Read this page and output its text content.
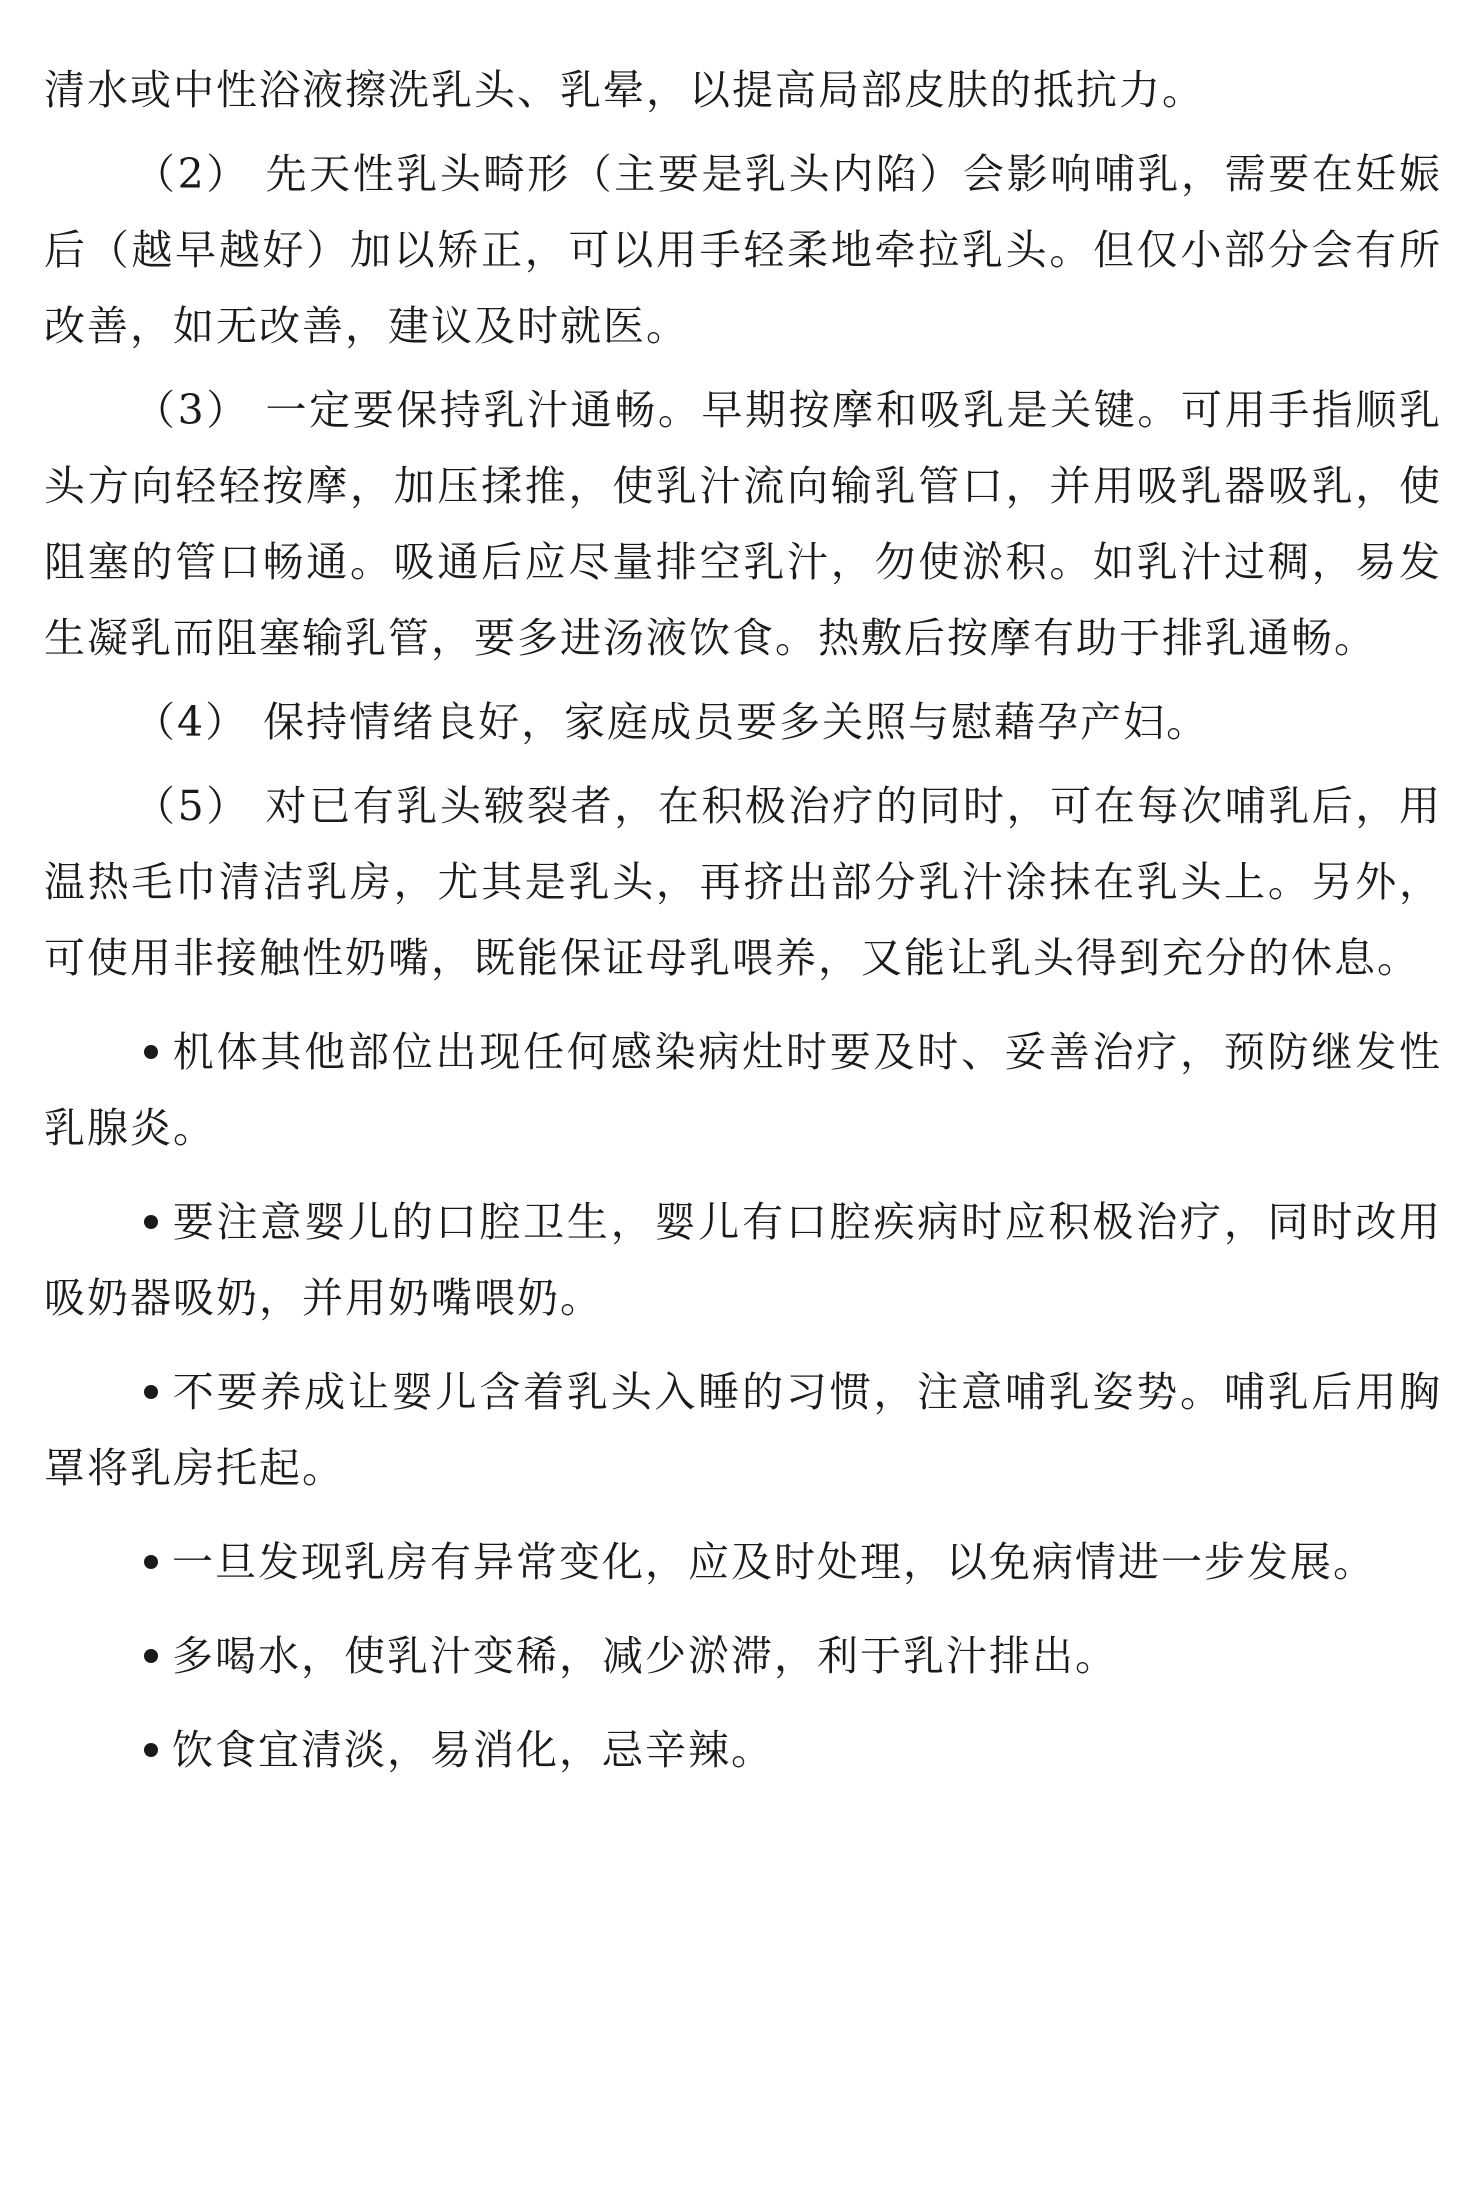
清水或中性浴液擦洗乳头、乳晕，以提高局部皮肤的抵抗力。

（2） 先天性乳头畸形（主要是乳头内陷）会影响哺乳，需要在妊娠后（越早越好）加以矫正，可以用手轻柔地牵拉乳头。但仅小部分会有所改善，如无改善，建议及时就医。

（3） 一定要保持乳汁通畅。早期按摩和吸乳是关键。可用手指顺乳头方向轻轻按摩，加压揉推，使乳汁流向输乳管口，并用吸乳器吸乳，使阻塞的管口畅通。吸通后应尽量排空乳汁，勿使淤积。如乳汁过稠，易发生凝乳而阻塞输乳管，要多进汤液饮食。热敷后按摩有助于排乳通畅。

（4） 保持情绪良好，家庭成员要多关照与慰藉孕产妇。

（5） 对已有乳头皲裂者，在积极治疗的同时，可在每次哺乳后，用温热毛巾清洁乳房，尤其是乳头，再挤出部分乳汁涂抹在乳头上。另外，可使用非接触性奶嘴，既能保证母乳喂养，又能让乳头得到充分的休息。

机体其他部位出现任何感染病灶时要及时、妥善治疗，预防继发性乳腺炎。

要注意婴儿的口腔卫生，婴儿有口腔疾病时应积极治疗，同时改用吸奶器吸奶，并用奶嘴喂奶。

不要养成让婴儿含着乳头入睡的习惯，注意哺乳姿势。哺乳后用胸罩将乳房托起。

一旦发现乳房有异常变化，应及时处理，以免病情进一步发展。

多喝水，使乳汁变稀，减少淤滞，利于乳汁排出。

饮食宜清淡，易消化，忌辛辣。
